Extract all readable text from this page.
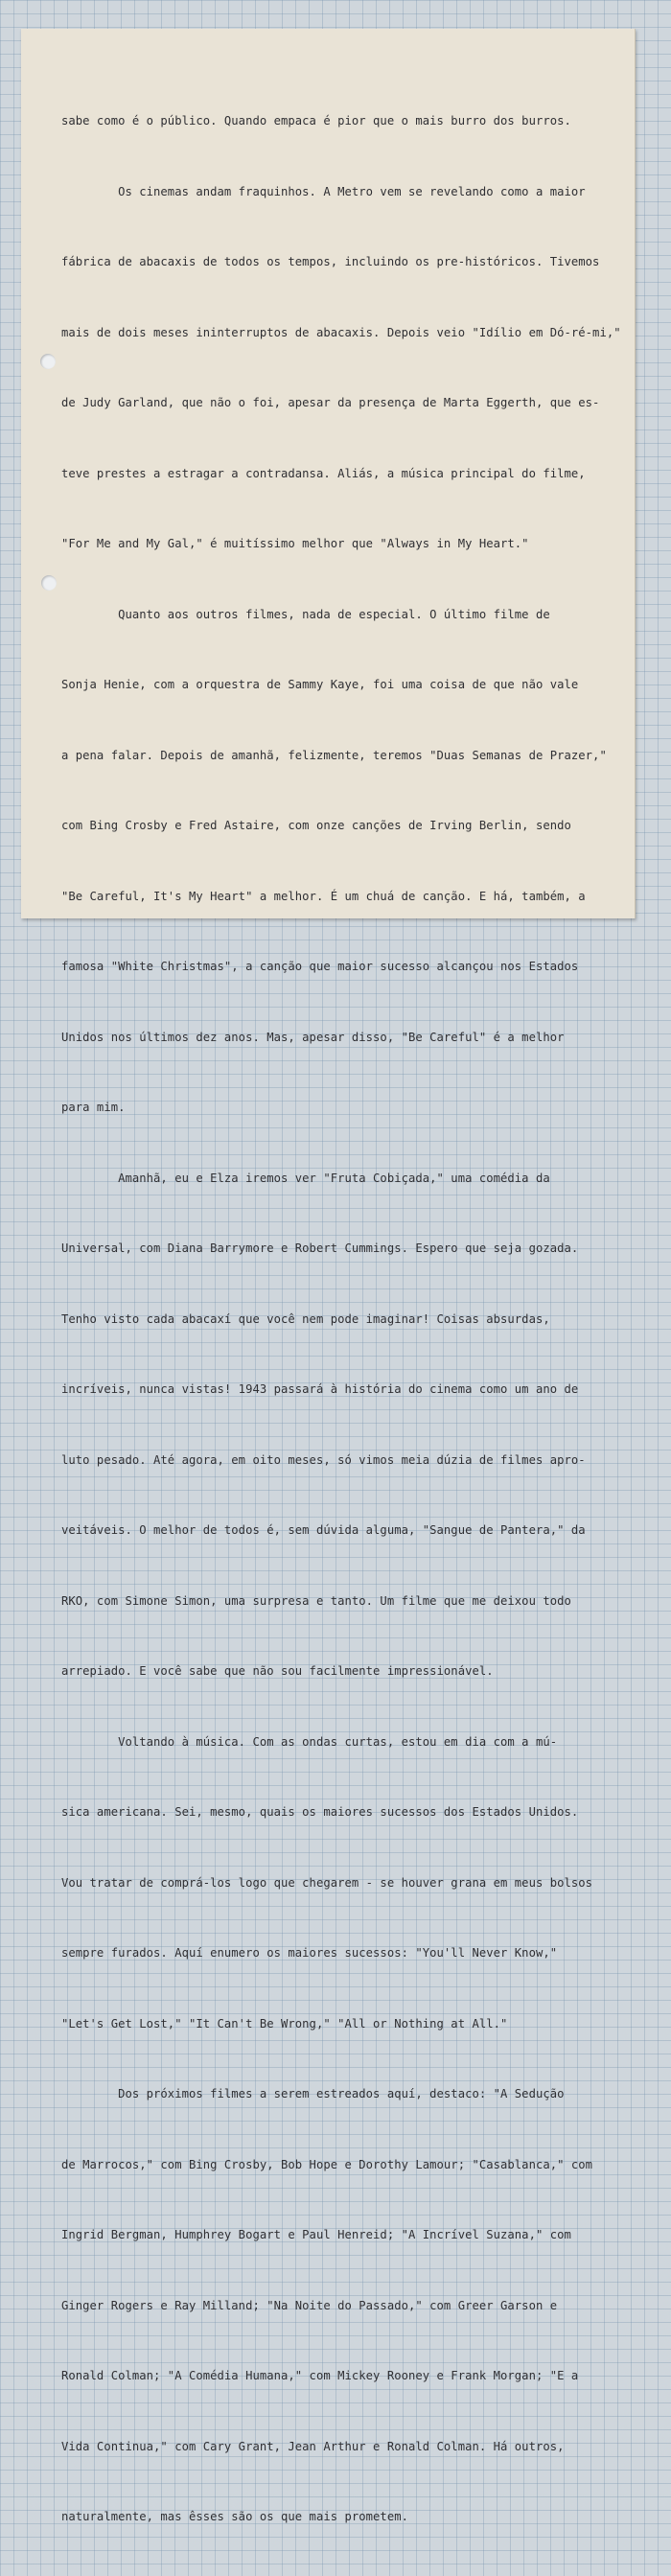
sabe como é o público. Quando empaca é pior que o mais burro dos burros.

Os cinemas andam fraquinhos. A Metro vem se revelando como a maior

fábrica de abacaxis de todos os tempos, incluindo os pre-históricos. Tivemos

mais de dois meses ininterruptos de abacaxis. Depois veio "Idílio em Dó-ré-mi,"

de Judy Garland, que não o foi, apesar da presença de Marta Eggerth, que es-

teve prestes a estragar a contradansa. Aliás, a música principal do filme,

"For Me and My Gal," é muitíssimo melhor que "Always in My Heart."

Quanto aos outros filmes, nada de especial. O último filme de

Sonja Henie, com a orquestra de Sammy Kaye, foi uma coisa de que não vale

a pena falar. Depois de amanhã, felizmente, teremos "Duas Semanas de Prazer,"

com Bing Crosby e Fred Astaire, com onze canções de Irving Berlin, sendo

"Be Careful, It's My Heart" a melhor. É um chuá de canção. E há, também, a

famosa "White Christmas", a canção que maior sucesso alcançou nos Estados

Unidos nos últimos dez anos. Mas, apesar disso, "Be Careful" é a melhor

para mim.

Amanhã, eu e Elza iremos ver "Fruta Cobiçada," uma comédia da

Universal, com Diana Barrymore e Robert Cummings. Espero que seja gozada.

Tenho visto cada abacaxí que você nem pode imaginar! Coisas absurdas,

incríveis, nunca vistas! 1943 passará à história do cinema como um ano de

luto pesado. Até agora, em oito meses, só vimos meia dúzia de filmes apro-

veitáveis. O melhor de todos é, sem dúvida alguma, "Sangue de Pantera," da

RKO, com Simone Simon, uma surpresa e tanto. Um filme que me deixou todo

arrepiado. E você sabe que não sou facilmente impressionável.

Voltando à música. Com as ondas curtas, estou em dia com a mú-

sica americana. Sei, mesmo, quais os maiores sucessos dos Estados Unidos.

Vou tratar de comprá-los logo que chegarem - se houver grana em meus bolsos

sempre furados. Aquí enumero os maiores sucessos: "You'll Never Know,"

"Let's Get Lost," "It Can't Be Wrong," "All or Nothing at All."

Dos próximos filmes a serem estreados aquí, destaco: "A Sedução

de Marrocos," com Bing Crosby, Bob Hope e Dorothy Lamour; "Casablanca," com

Ingrid Bergman, Humphrey Bogart e Paul Henreid; "A Incrível Suzana," com

Ginger Rogers e Ray Milland; "Na Noite do Passado," com Greer Garson e

Ronald Colman; "A Comédia Humana," com Mickey Rooney e Frank Morgan; "E a

Vida Continua," com Cary Grant, Jean Arthur e Ronald Colman. Há outros,

naturalmente, mas êsses são os que mais prometem.
